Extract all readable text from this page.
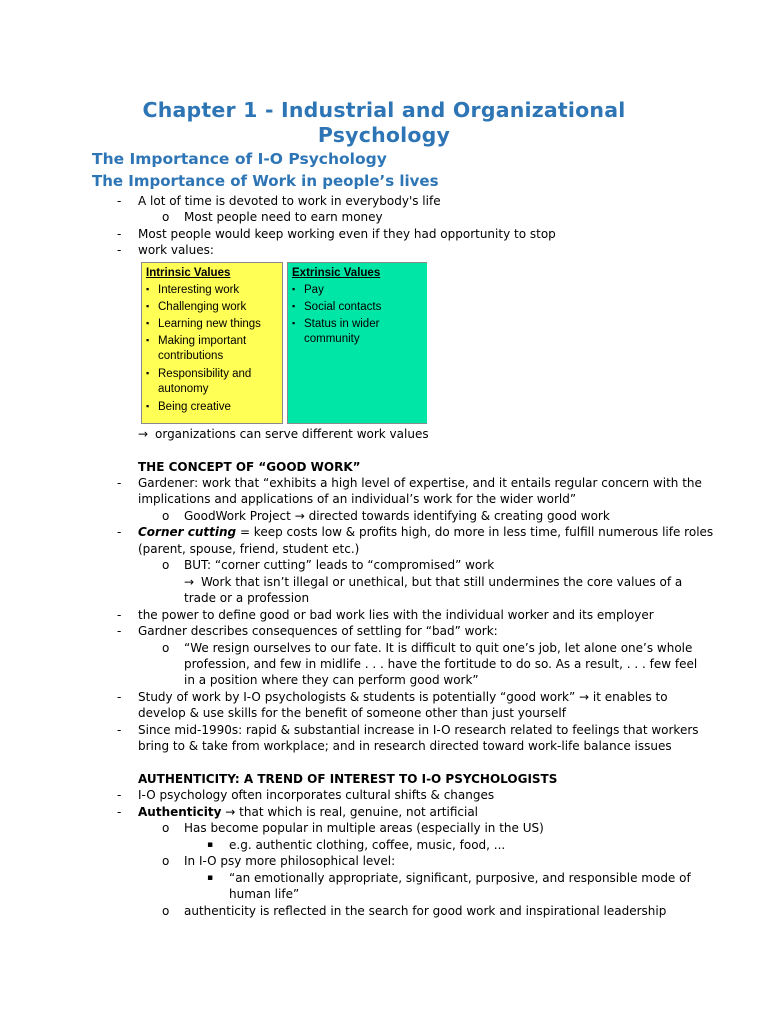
Chapter 1 - Industrial and Organizational Psychology
The Importance of I-O Psychology
The Importance of Work in people’s lives
- A lot of time is devoted to work in everybody's life
o Most people need to earn money
- Most people would keep working even if they had opportunity to stop
- work values:
Intrinsic Values
▪ Interesting work
▪ Challenging work
▪ Learning new things
▪ Making important
contributions
▪ Responsibility and
autonomy
▪ Being creative
Extrinsic Values
▪ Pay
▪ Social contacts
▪ Status in wider
community
→ organizations can serve different work values
THE CONCEPT OF “GOOD WORK”
- Gardener: work that “exhibits a high level of expertise, and it entails regular concern with the
implications and applications of an individual’s work for the wider world”
o GoodWork Project → directed towards identifying & creating good work
- Corner cutting = keep costs low & profits high, do more in less time, fulfill numerous life roles
(parent, spouse, friend, student etc.)
o BUT: “corner cutting” leads to “compromised” work
→ Work that isn’t illegal or unethical, but that still undermines the core values of a
trade or a profession
- the power to define good or bad work lies with the individual worker and its employer
- Gardner describes consequences of settling for “bad” work:
o “We resign ourselves to our fate. It is difficult to quit one’s job, let alone one’s whole
profession, and few in midlife . . . have the fortitude to do so. As a result, . . . few feel
in a position where they can perform good work”
- Study of work by I-O psychologists & students is potentially “good work” → it enables to
develop & use skills for the benefit of someone other than just yourself
- Since mid-1990s: rapid & substantial increase in I-O research related to feelings that workers
bring to & take from workplace; and in research directed toward work-life balance issues
AUTHENTICITY: A TREND OF INTEREST TO I-O PSYCHOLOGISTS
- I-O psychology often incorporates cultural shifts & changes
- Authenticity → that which is real, genuine, not artificial
o Has become popular in multiple areas (especially in the US)
▪ e.g. authentic clothing, coffee, music, food, ...
o In I-O psy more philosophical level:
▪ “an emotionally appropriate, significant, purposive, and responsible mode of
human life”
o authenticity is reflected in the search for good work and inspirational leadership
